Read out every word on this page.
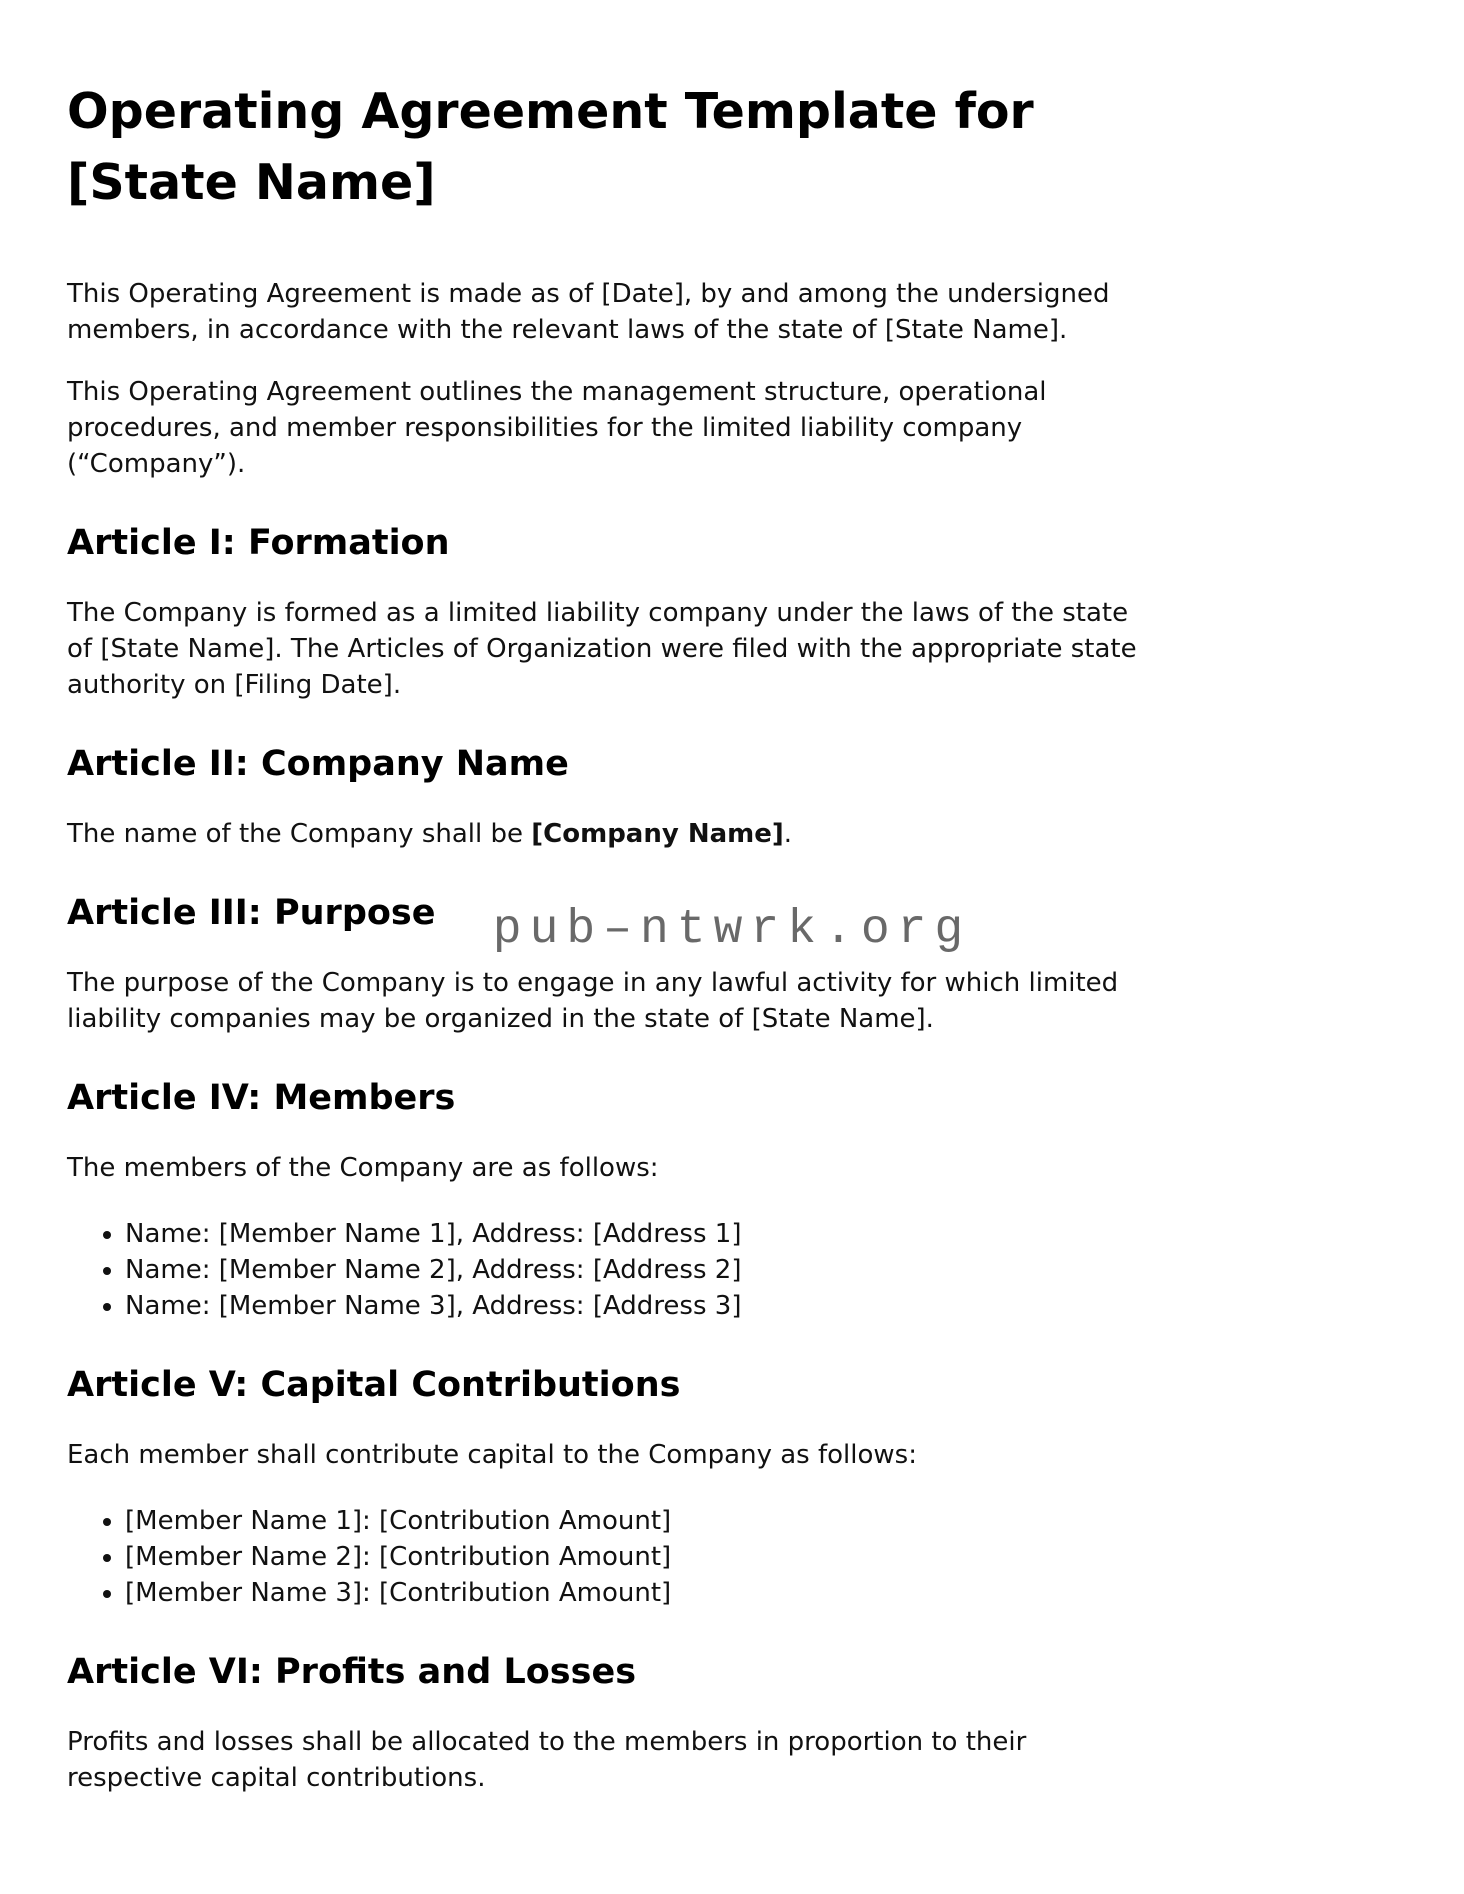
pub–ntwrk.org
Operating Agreement Template for [State Name]

This Operating Agreement is made as of [Date], by and among the undersigned members, in accordance with the relevant laws of the state of [State Name].

This Operating Agreement outlines the management structure, operational procedures, and member responsibilities for the limited liability company (“Company”).

Article I: Formation

The Company is formed as a limited liability company under the laws of the state of [State Name]. The Articles of Organization were filed with the appropriate state authority on [Filing Date].

Article II: Company Name

The name of the Company shall be [Company Name].

Article III: Purpose

The purpose of the Company is to engage in any lawful activity for which limited liability companies may be organized in the state of [State Name].

Article IV: Members

The members of the Company are as follows:

• Name: [Member Name 1], Address: [Address 1]
• Name: [Member Name 2], Address: [Address 2]
• Name: [Member Name 3], Address: [Address 3]
Article V: Capital Contributions

Each member shall contribute capital to the Company as follows:

• [Member Name 1]: [Contribution Amount]
• [Member Name 2]: [Contribution Amount]
• [Member Name 3]: [Contribution Amount]
Article VI: Profits and Losses

Profits and losses shall be allocated to the members in proportion to their respective capital contributions.
